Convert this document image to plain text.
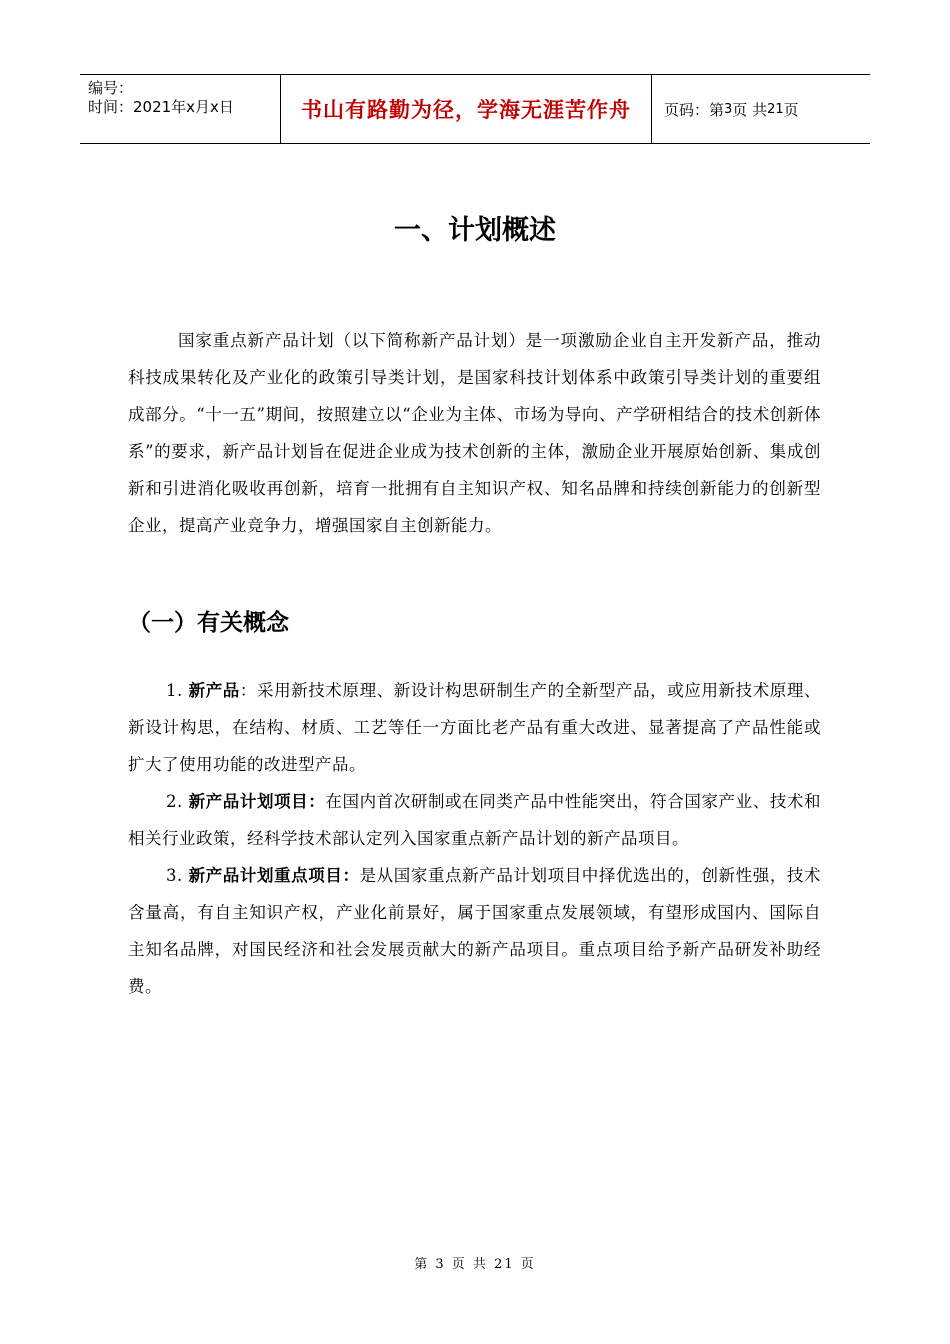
编号：
时间：2021年x月x日	书山有路勤为径，学海无涯苦作舟	页码：第 3 页 共 21 页
一、计划概述
国家重点新产品计划（以下简称新产品计划）是一项激励企业自主开发新产品，推动科技成果转化及产业化的政策引导类计划，是国家科技计划体系中政策引导类计划的重要组成部分。“十一五”期间，按照建立以“企业为主体、市场为导向、产学研相结合的技术创新体系”的要求，新产品计划旨在促进企业成为技术创新的主体，激励企业开展原始创新、集成创新和引进消化吸收再创新，培育一批拥有自主知识产权、知名品牌和持续创新能力的创新型企业，提高产业竞争力，增强国家自主创新能力。
（一）有关概念

1. 新产品：采用新技术原理、新设计构思研制生产的全新型产品，或应用新技术原理、新设计构思，在结构、材质、工艺等任一方面比老产品有重大改进、显著提高了产品性能或扩大了使用功能的改进型产品。

2. 新产品计划项目：在国内首次研制或在同类产品中性能突出，符合国家产业、技术和相关行业政策，经科学技术部认定列入国家重点新产品计划的新产品项目。

3. 新产品计划重点项目：是从国家重点新产品计划项目中择优选出的，创新性强，技术含量高，有自主知识产权，产业化前景好，属于国家重点发展领域，有望形成国内、国际自主知名品牌，对国民经济和社会发展贡献大的新产品项目。重点项目给予新产品研发补助经费。

第 3 页 共 21 页
